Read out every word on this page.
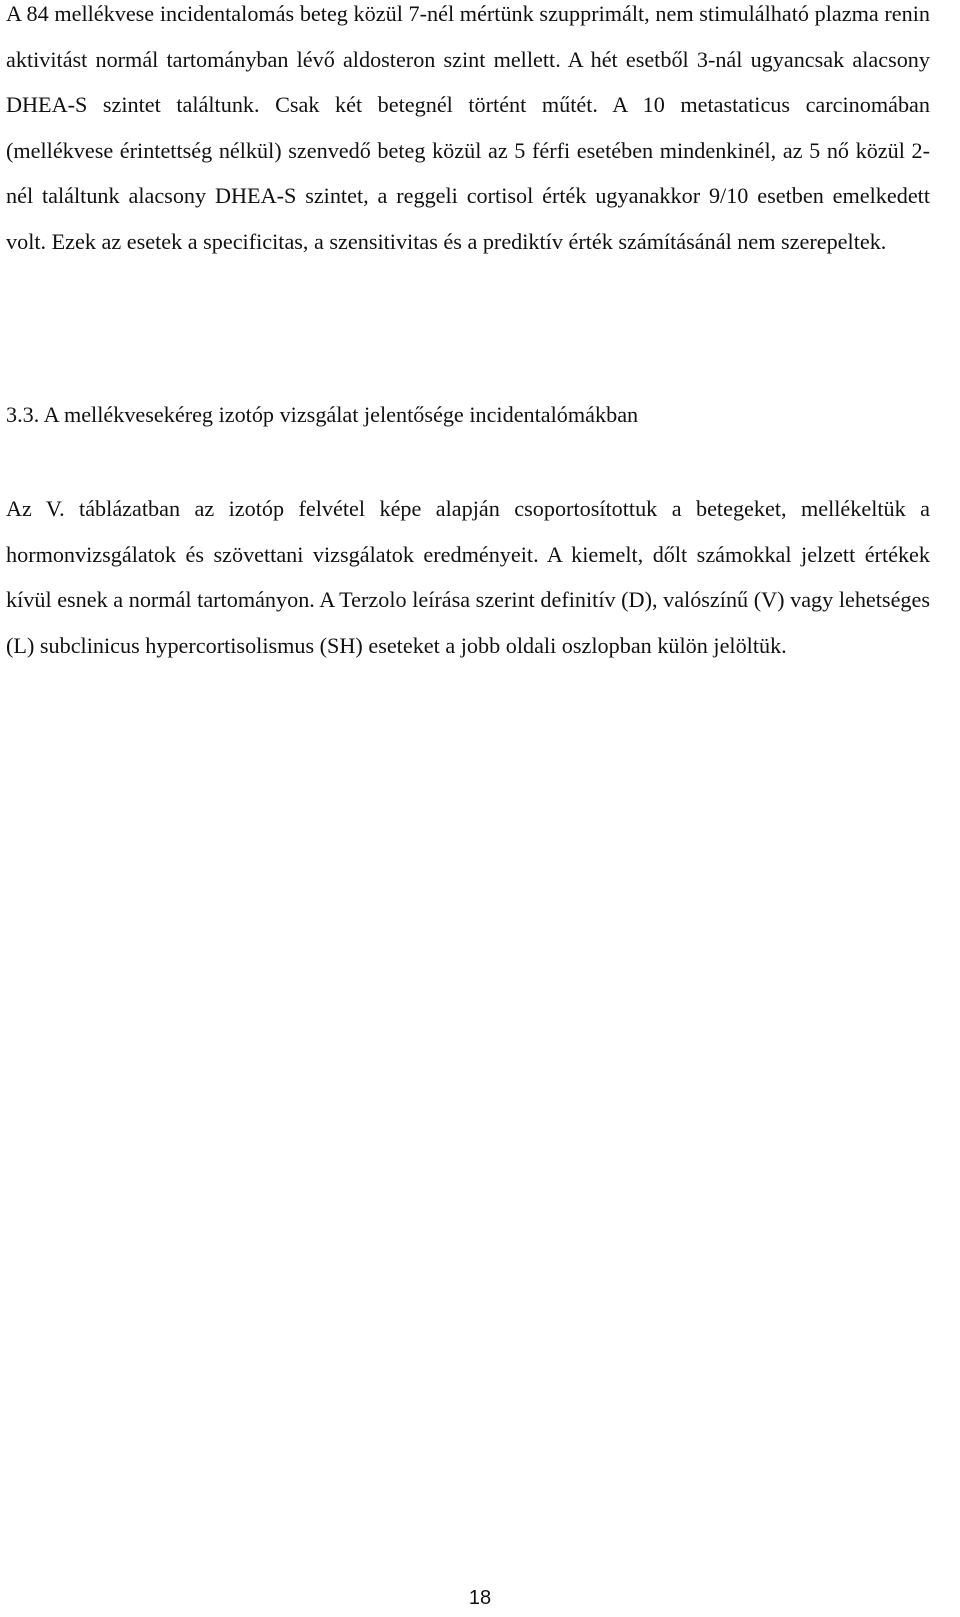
A 84 mellékvese incidentalomás beteg közül 7-nél mértünk szupprimált, nem stimulálható plazma renin aktivitást normál tartományban lévő aldosteron szint mellett. A hét esetből 3-nál ugyancsak alacsony DHEA-S szintet találtunk. Csak két betegnél történt műtét. A 10 metastaticus carcinomában (mellékvese érintettség nélkül) szenvedő beteg közül az 5 férfi esetében mindenkinél, az 5 nő közül 2-nél találtunk alacsony DHEA-S szintet, a reggeli cortisol érték ugyanakkor 9/10 esetben emelkedett volt. Ezek az esetek a specificitas, a szensitivitas és a prediktív érték számításánál nem szerepeltek.

3.3. A mellékvesekéreg izotóp vizsgálat jelentősége incidentalómákban

Az V. táblázatban az izotóp felvétel képe alapján csoportosítottuk a betegeket, mellékeltük a hormonvizsgálatok és szövettani vizsgálatok eredményeit. A kiemelt, dőlt számokkal jelzett értékek kívül esnek a normál tartományon. A Terzolo leírása szerint definitív (D), valószínű (V) vagy lehetséges (L) subclinicus hypercortisolismus (SH) eseteket a jobb oldali oszlopban külön jelöltük.

18
